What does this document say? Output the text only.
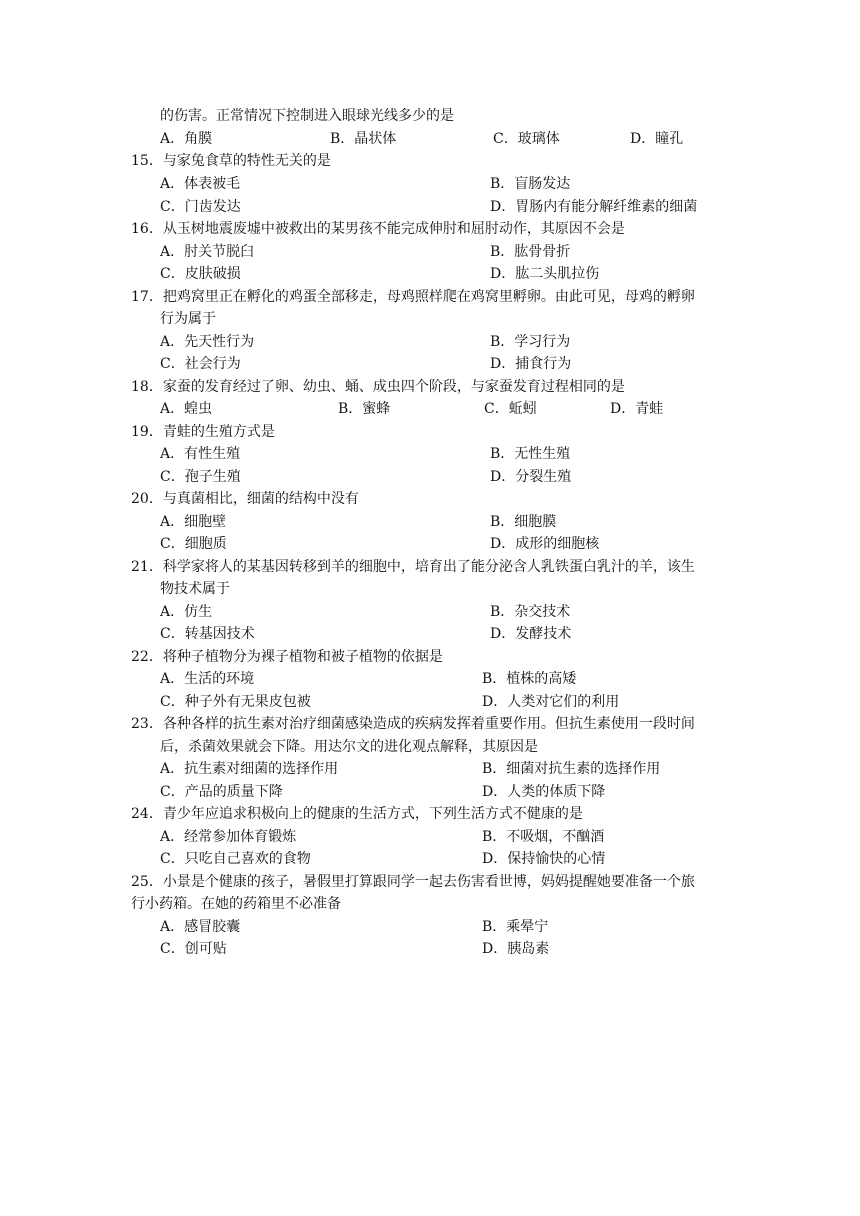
的伤害。正常情况下控制进入眼球光线多少的是
A．角膜	B．晶状体	C．玻璃体	D．瞳孔
15．与家兔食草的特性无关的是
A．体表被毛	B．盲肠发达
C．门齿发达	D．胃肠内有能分解纤维素的细菌
16．从玉树地震废墟中被救出的某男孩不能完成伸肘和屈肘动作，其原因不会是
A．肘关节脱臼	B．肱骨骨折
C．皮肤破损	D．肱二头肌拉伤
17．把鸡窝里正在孵化的鸡蛋全部移走，母鸡照样爬在鸡窝里孵卵。由此可见，母鸡的孵卵
行为属于
A．先天性行为	B．学习行为
C．社会行为	D．捕食行为
18．家蚕的发育经过了卵、幼虫、蛹、成虫四个阶段，与家蚕发育过程相同的是
A．蝗虫	B．蜜蜂	C．蚯蚓	D．青蛙
19．青蛙的生殖方式是
A．有性生殖	B．无性生殖
C．孢子生殖	D．分裂生殖
20．与真菌相比，细菌的结构中没有
A．细胞壁	B．细胞膜
C．细胞质	D．成形的细胞核
21．科学家将人的某基因转移到羊的细胞中，培育出了能分泌含人乳铁蛋白乳汁的羊，该生
物技术属于
A．仿生	B．杂交技术
C．转基因技术	D．发酵技术
22．将种子植物分为裸子植物和被子植物的依据是
A．生活的环境	B．植株的高矮
C．种子外有无果皮包被	D．人类对它们的利用
23．各种各样的抗生素对治疗细菌感染造成的疾病发挥着重要作用。但抗生素使用一段时间
后，杀菌效果就会下降。用达尔文的进化观点解释，其原因是
A．抗生素对细菌的选择作用	B．细菌对抗生素的选择作用
C．产品的质量下降	D．人类的体质下降
24．青少年应追求积极向上的健康的生活方式，下列生活方式不健康的是
A．经常参加体育锻炼	B．不吸烟，不酗酒
C．只吃自己喜欢的食物	D．保持愉快的心情
25．小景是个健康的孩子，暑假里打算跟同学一起去伤害看世博，妈妈提醒她要准备一个旅
行小药箱。在她的药箱里不必准备
A．感冒胶囊	B．乘晕宁
C．创可贴	D．胰岛素
